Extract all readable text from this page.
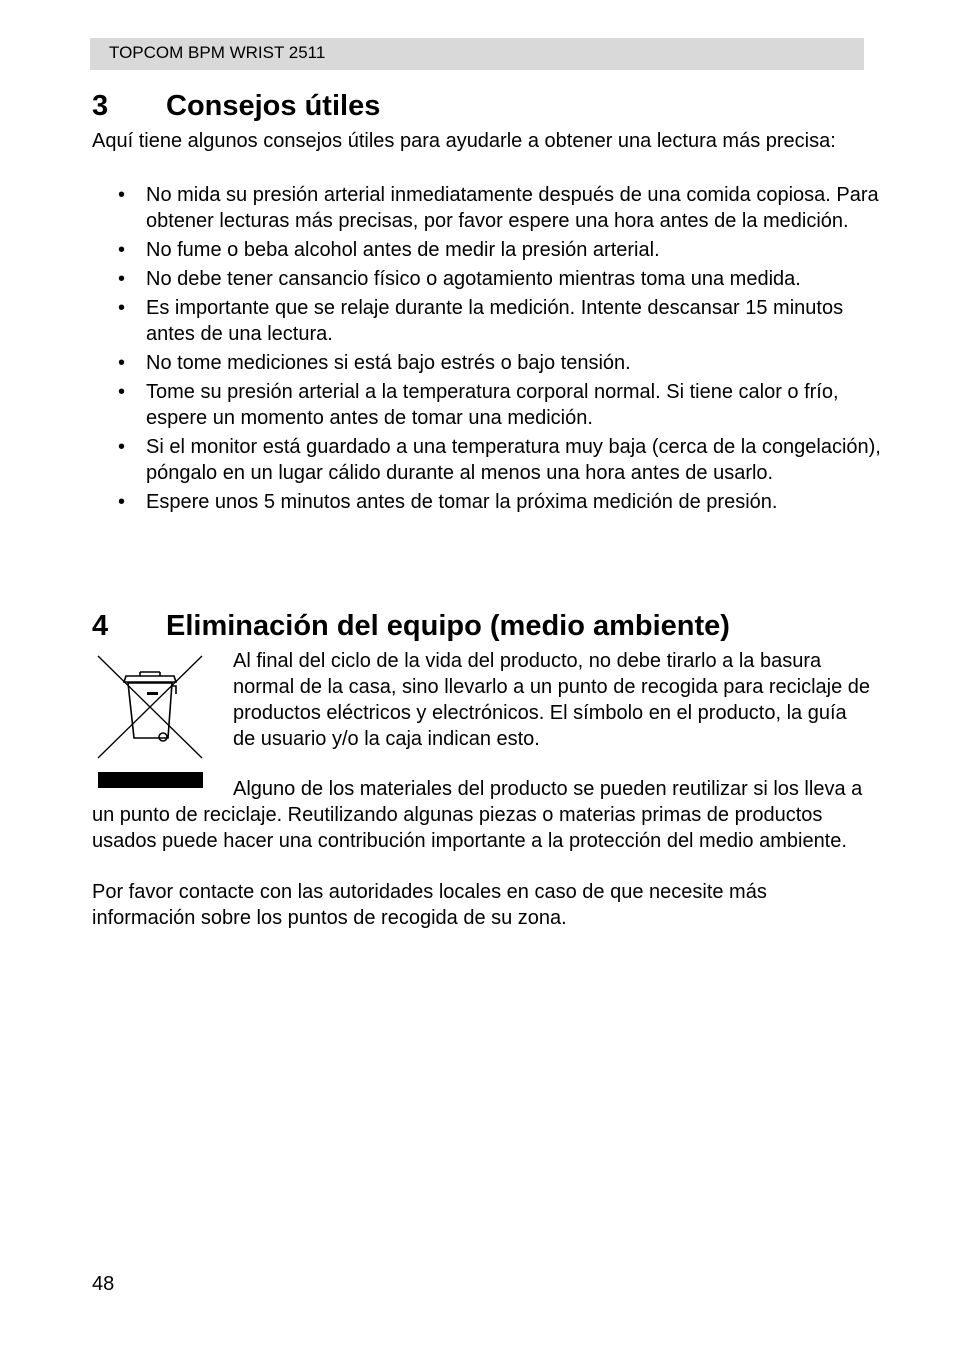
TOPCOM BPM WRIST 2511
3 Consejos útiles

Aquí tiene algunos consejos útiles para ayudarle a obtener una lectura más precisa:

• No mida su presión arterial inmediatamente después de una comida copiosa. Para obtener lecturas más precisas, por favor espere una hora antes de la medición.
• No fume o beba alcohol antes de medir la presión arterial.
• No debe tener cansancio físico o agotamiento mientras toma una medida.
• Es importante que se relaje durante la medición. Intente descansar 15 minutos antes de una lectura.
• No tome mediciones si está bajo estrés o bajo tensión.
• Tome su presión arterial a la temperatura corporal normal. Si tiene calor o frío, espere un momento antes de tomar una medición.
• Si el monitor está guardado a una temperatura muy baja (cerca de la congelación), póngalo en un lugar cálido durante al menos una hora antes de usarlo.
• Espere unos 5 minutos antes de tomar la próxima medición de presión.
4 Eliminación del equipo (medio ambiente)

Al final del ciclo de la vida del producto, no debe tirarlo a la basura normal de la casa, sino llevarlo a un punto de recogida para reciclaje de productos eléctricos y electrónicos. El símbolo en el producto, la guía de usuario y/o la caja indican esto.

Alguno de los materiales del producto se pueden reutilizar si los lleva a un punto de reciclaje. Reutilizando algunas piezas o materias primas de productos usados puede hacer una contribución importante a la protección del medio ambiente.

Por favor contacte con las autoridades locales en caso de que necesite más información sobre los puntos de recogida de su zona.

48
